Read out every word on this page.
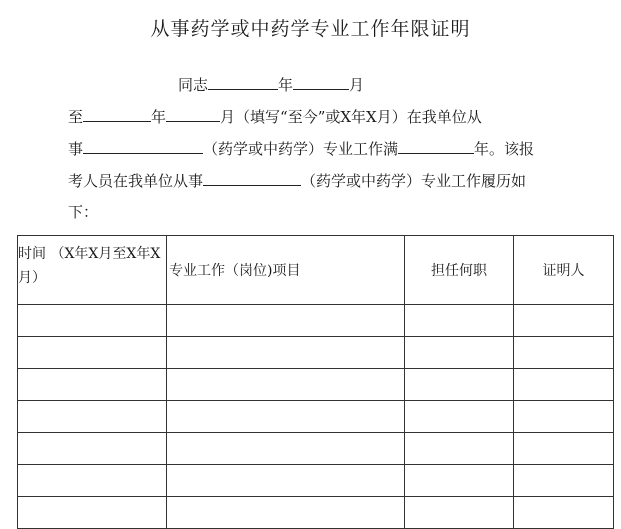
从事药学或中药学专业工作年限证明
同志	年	月
至	年	月（填写“至今”或X年X月）在我单位从
事	（药学或中药学）专业工作满	年。该报
考人员在我单位从事	（药学或中药学）专业工作履历如
下：
时间 （X年X月至X年X月）	专业工作（岗位)项目	担任何职	证明人
